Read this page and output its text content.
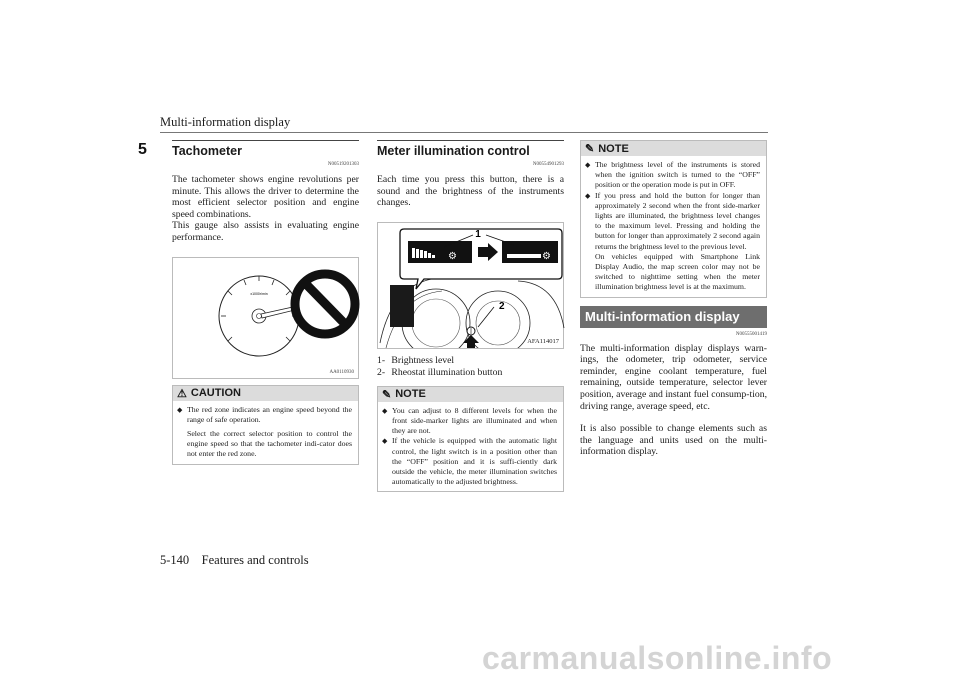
Multi-information display
5	Tachometer
N00519201303

The tachometer shows engine revolutions per minute. This allows the driver to determine the most efficient selector position and engine speed combinations.

This gauge also assists in evaluating engine performance.

x1000r/min
AA0110930
⚠ CAUTION
◆ The red zone indicates an engine speed beyond the range of safe operation.
Select the correct selector position to control the engine speed so that the tachometer indi-cator does not enter the red zone.
Meter illumination control
N00554901293

Each time you press this button, there is a sound and the brightness of the instruments changes.

⚙	⚙
1
2
AFA114017
1- Brightness level
2- Rheostat illumination button
✎ NOTE
◆ You can adjust to 8 different levels for when the front side-marker lights are illuminated and when they are not.
◆ If the vehicle is equipped with the automatic light control, the light switch is in a position other than the “OFF” position and it is suffi-ciently dark outside the vehicle, the meter illumination switches automatically to the adjusted brightness.
✎ NOTE
◆ The brightness level of the instruments is stored when the ignition switch is turned to the “OFF” position or the operation mode is put in OFF.
◆ If you press and hold the button for longer than approximately 2 second when the front side-marker lights are illuminated, the brightness level changes to the maximum level. Pressing and holding the button for longer than approximately 2 second again returns the brightness level to the previous level.
On vehicles equipped with Smartphone Link Display Audio, the map screen color may not be switched to nighttime setting when the meter illumination brightness level is at the maximum.
Multi-information display
N00555001419

The multi-information display displays warn-ings, the odometer, trip odometer, service reminder, engine coolant temperature, fuel remaining, outside temperature, selector lever position, average and instant fuel consump-tion, driving range, average speed, etc.

It is also possible to change elements such as the language and units used on the multi-information display.

5-140 Features and controls
carmanualsonline.info
